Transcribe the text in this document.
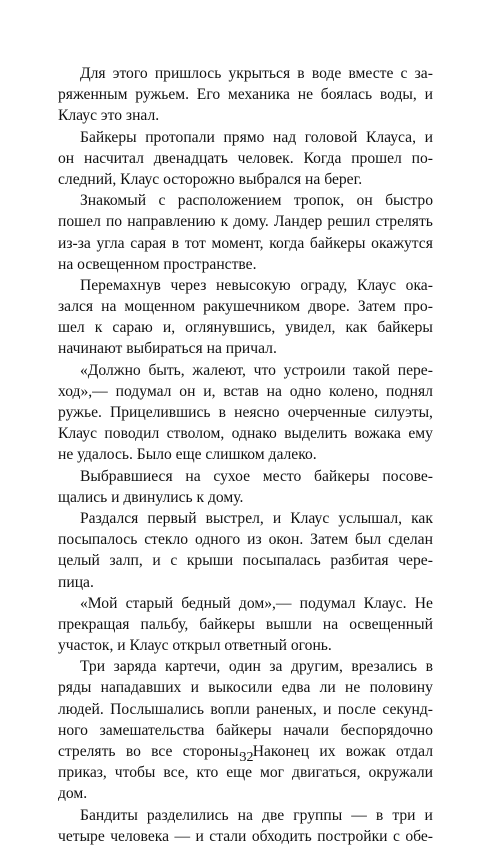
Для этого пришлось укрыться в воде вместе с за-
ряженным ружьем. Его механика не боялась воды, и
Клаус это знал.
Байкеры протопали прямо над головой Клауса, и
он насчитал двенадцать человек. Когда прошел по-
следний, Клаус осторожно выбрался на берег.
Знакомый с расположением тропок, он быстро
пошел по направлению к дому. Ландер решил стрелять
из-за угла сарая в тот момент, когда байкеры окажутся
на освещенном пространстве.
Перемахнув через невысокую ограду, Клаус ока-
зался на мощенном ракушечником дворе. Затем про-
шел к сараю и, оглянувшись, увидел, как байкеры
начинают выбираться на причал.
«Должно быть, жалеют, что устроили такой пере-
ход»,— подумал он и, встав на одно колено, поднял
ружье. Прицелившись в неясно очерченные силуэты,
Клаус поводил стволом, однако выделить вожака ему
не удалось. Было еще слишком далеко.
Выбравшиеся на сухое место байкеры посове-
щались и двинулись к дому.
Раздался первый выстрел, и Клаус услышал, как
посыпалось стекло одного из окон. Затем был сделан
целый залп, и с крыши посыпалась разбитая чере-
пица.
«Мой старый бедный дом»,— подумал Клаус. Не
прекращая пальбу, байкеры вышли на освещенный
участок, и Клаус открыл ответный огонь.
Три заряда картечи, один за другим, врезались в
ряды нападавших и выкосили едва ли не половину
людей. Послышались вопли раненых, и после секунд-
ного замешательства байкеры начали беспорядочно
стрелять во все стороны. Наконец их вожак отдал
приказ, чтобы все, кто еще мог двигаться, окружали
дом.
Бандиты разделились на две группы — в три и
четыре человека — и стали обходить постройки с обе-
32
